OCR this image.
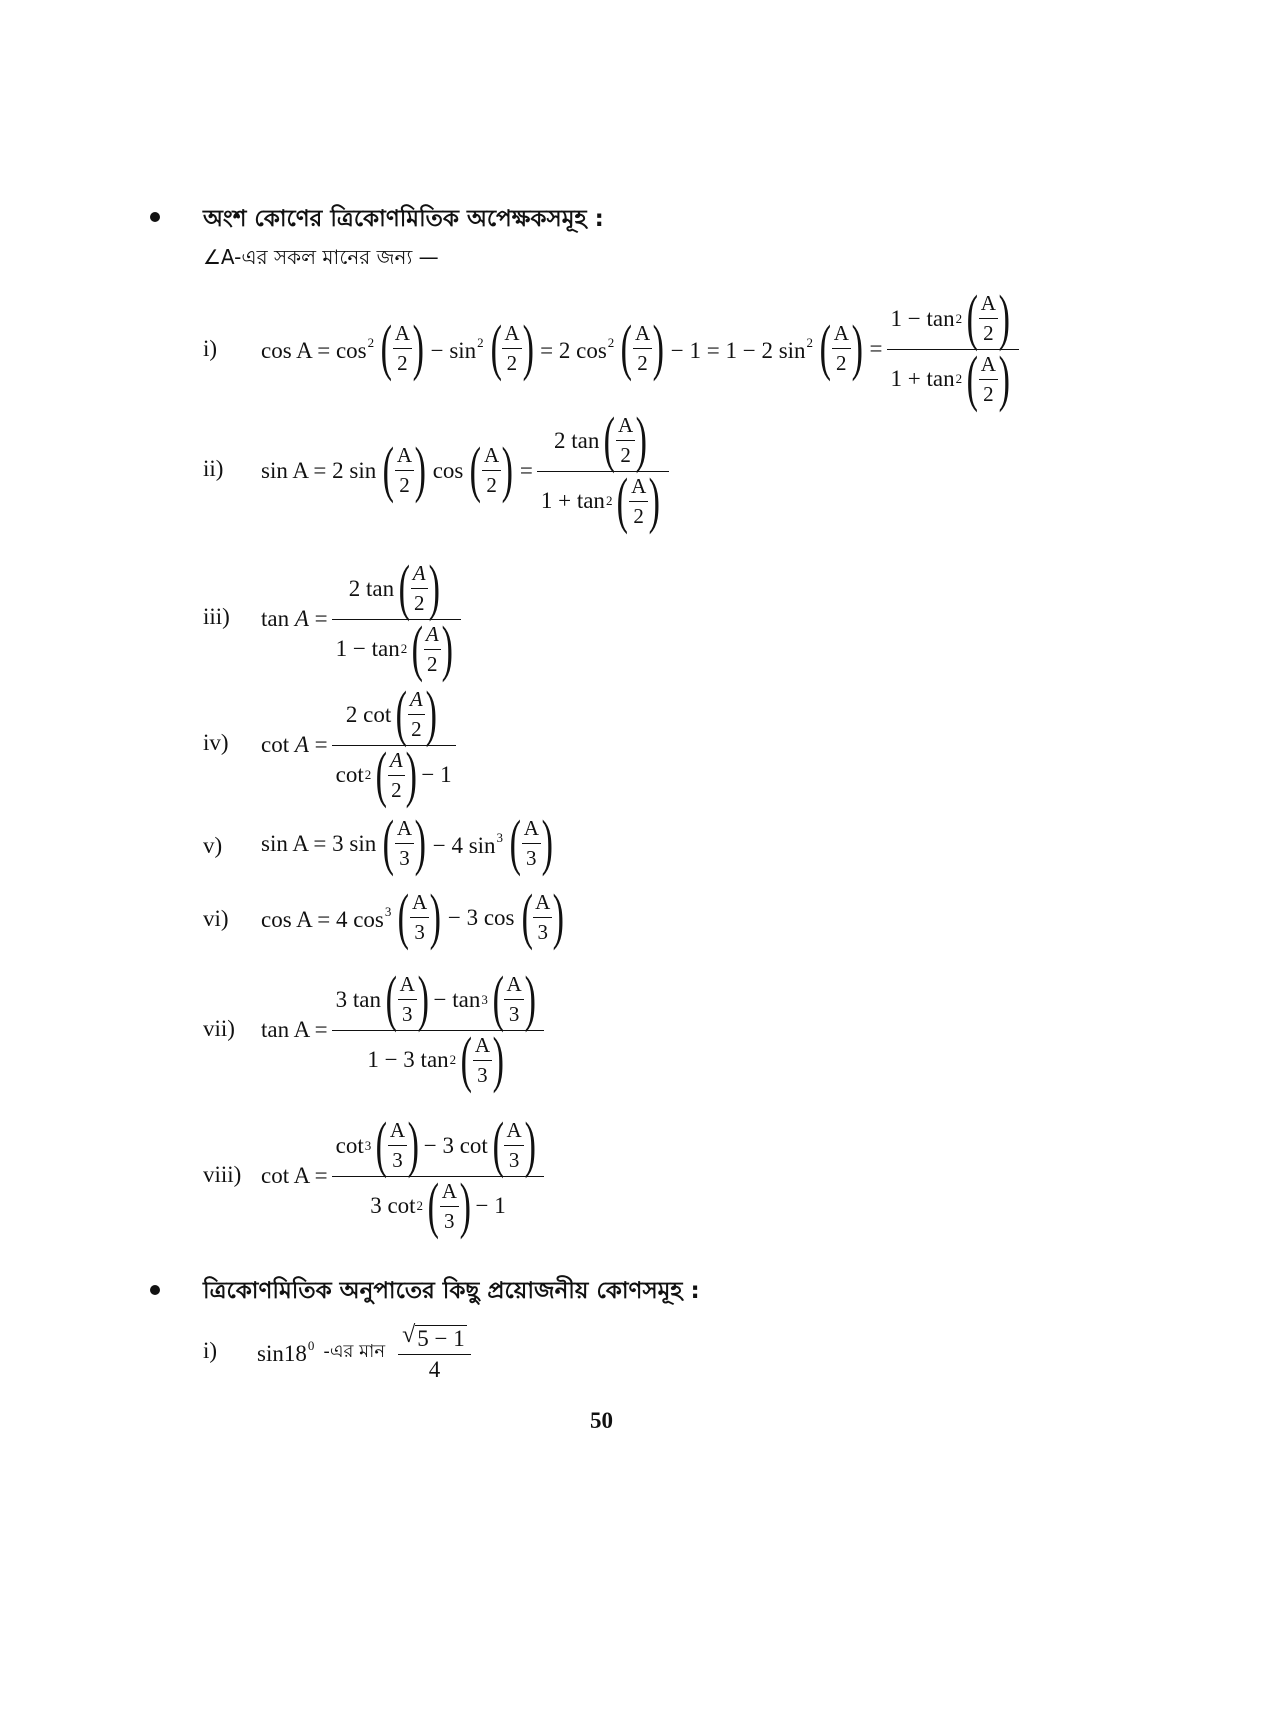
অংশ কোণের ত্রিকোণমিতিক অপেক্ষকসমূহ :
∠A-এর সকল মানের জন্য —
i) $\cos A = \cos^2$ ( $\frac{A}{2}$ ) − $\sin^2$ ( $\frac{A}{2}$ ) = 2 $\cos^2$ ( $\frac{A}{2}$ ) − 1 = 1 − 2 $\sin^2$ ( $\frac{A}{2}$ ) = $\frac{1 - \tan 2 ( \frac{A}{2} )}{1 + \tan 2 ( \frac{A}{2} )}$
ii) sin A = 2 sin ( $\frac{A}{2}$ ) cos ( $\frac{A}{2}$ ) = $\frac{2 \tan ( \frac{A}{2} )}{1 + \tan 2 ( \frac{A}{2} )}$
iii) $\tan A = \frac{2 \tan ( \frac{A}{2} )}{1 - \tan 2 ( \frac{A}{2} )}$
iv) $\cot A = \frac{2 \cot ( \frac{A}{2} )}{\cot 2 ( \frac{A}{2} ) - 1}$
v) sin A = 3 sin ( $\frac{A}{3}$ ) − 4 $\sin^3$ ( $\frac{A}{3}$ )
vi) cos A = 4 $\cos^3$ ( $\frac{A}{3}$ ) − 3 cos ( $\frac{A}{3}$ )
vii) $\tan A = \frac{3 \tan ( \frac{A}{3} ) - \tan 3 ( \frac{A}{3} )}{1 - 3 \tan 2 ( \frac{A}{3} )}$
viii) $\cot A = \frac{\cot 3 ( \frac{A}{3} ) - 3 \cot ( \frac{A}{3} )}{3 \cot 2 ( \frac{A}{3} ) - 1}$
ত্রিকোণমিতিক অনুপাতের কিছু প্রয়োজনীয় কোণসমূহ :
i) $\sin 18^0$ -এর মান $\frac{√ 5 - 1}{4}$
50
